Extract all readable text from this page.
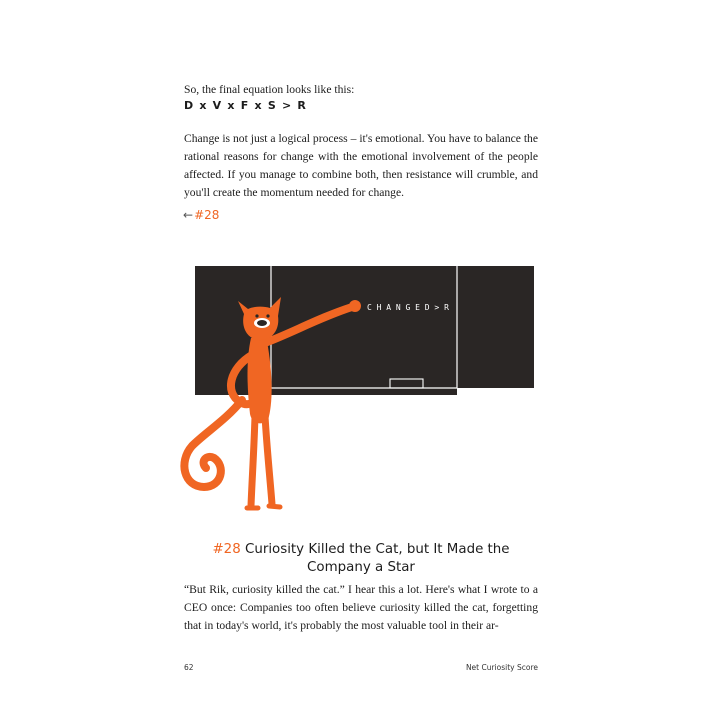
So, the final equation looks like this:

D x V x F x S > R

Change is not just a logical process – it's emotional. You have to balance the rational reasons for change with the emotional involvement of the people affected. If you manage to combine both, then resistance will crumble, and you'll create the momentum needed for change.

← #28
C H A N G E D > R
#28 Curiosity Killed the Cat, but It Made the Company a Star

“But Rik, curiosity killed the cat.” I hear this a lot. Here's what I wrote to a CEO once: Companies too often believe curiosity killed the cat, forgetting that in today's world, it's probably the most valuable tool in their ar-

62	Net Curiosity Score
